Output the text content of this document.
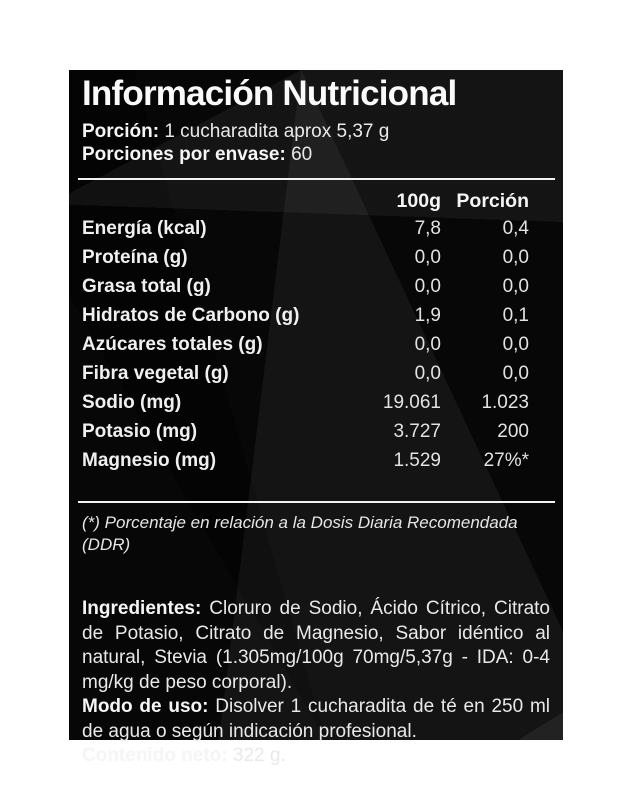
Información Nutricional
Porción: 1 cucharadita aprox 5,37 g
Porciones por envase: 60
100g Porción
Energía (kcal)	7,8	0,4
Proteína (g)	0,0	0,0
Grasa total (g)	0,0	0,0
Hidratos de Carbono (g)	1,9	0,1
Azúcares totales (g)	0,0	0,0
Fibra vegetal (g)	0,0	0,0
Sodio (mg)	19.061	1.023
Potasio (mg)	3.727	200
Magnesio (mg)	1.529	27%*
(*) Porcentaje en relación a la Dosis Diaria Recomendada (DDR)
Ingredientes: Cloruro de Sodio, Ácido Cítrico, Citrato de Potasio, Citrato de Magnesio, Sabor idéntico al natural, Stevia (1.305mg/100g 70mg/5,37g - IDA: 0-4 mg/kg de peso corporal).
Modo de uso: Disolver 1 cucharadita de té en 250 ml de agua o según indicación profesional.
Contenido neto: 322 g.
